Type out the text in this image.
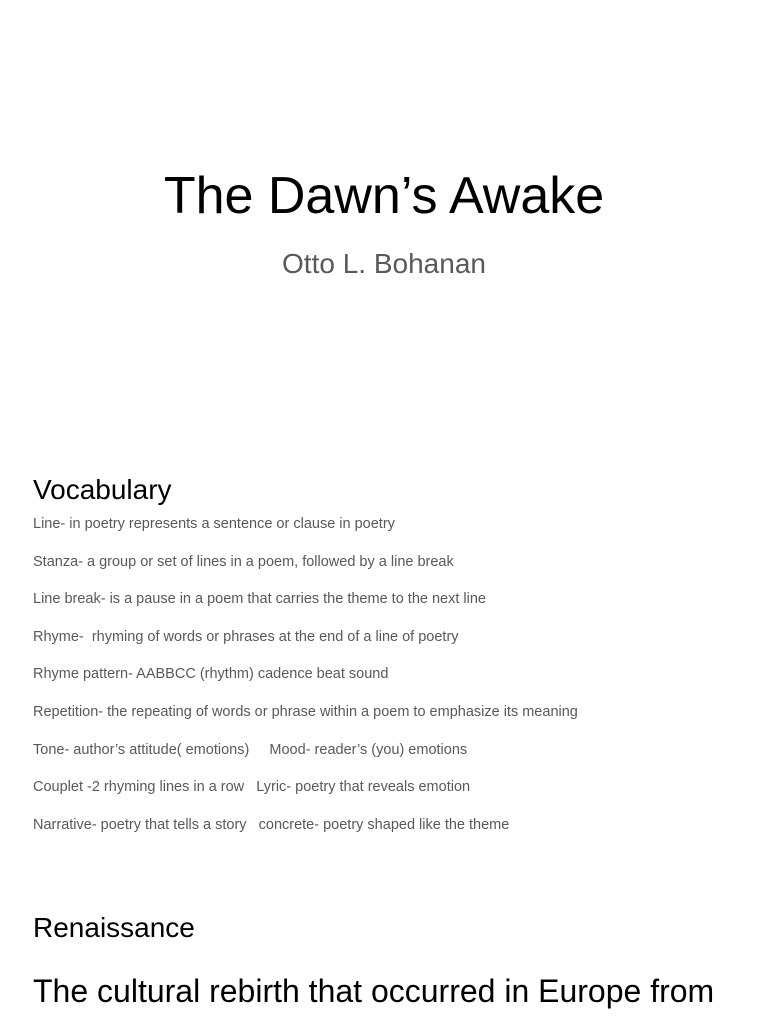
The Dawn’s Awake
Otto L. Bohanan
Vocabulary
Line- in poetry represents a sentence or clause in poetry
Stanza- a group or set of lines in a poem, followed by a line break
Line break- is a pause in a poem that carries the theme to the next line
Rhyme-  rhyming of words or phrases at the end of a line of poetry
Rhyme pattern- AABBCC (rhythm) cadence beat sound
Repetition- the repeating of words or phrase within a poem to emphasize its meaning
Tone- author’s attitude( emotions)     Mood- reader’s (you) emotions
Couplet -2 rhyming lines in a row   Lyric- poetry that reveals emotion
Narrative- poetry that tells a story   concrete- poetry shaped like the theme
Renaissance
The cultural rebirth that occurred in Europe from
